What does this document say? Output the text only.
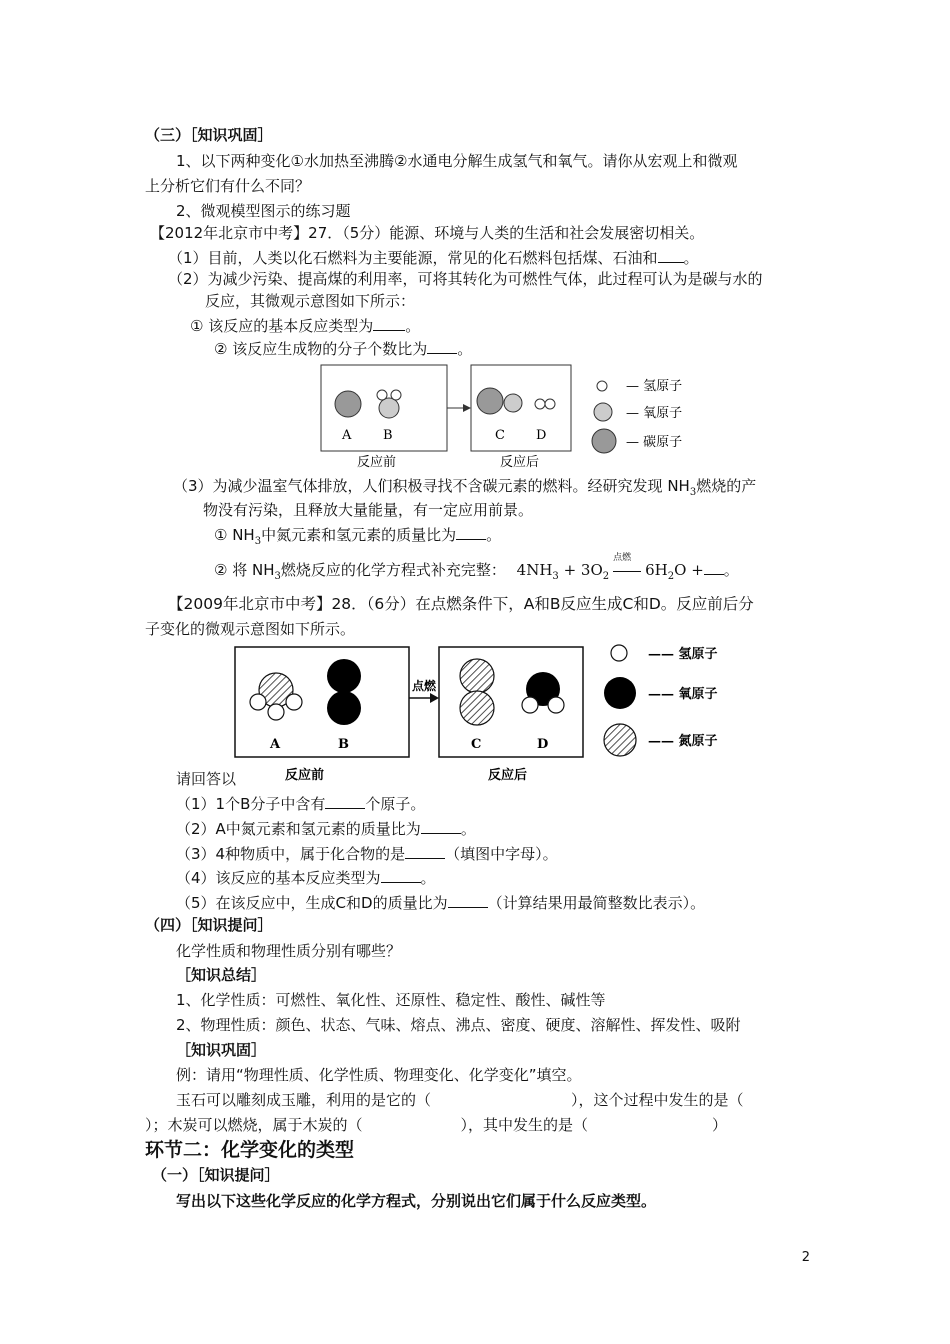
（三）［知识巩固］
1、以下两种变化①水加热至沸腾②水通电分解生成氢气和氧气。请你从宏观上和微观
上分析它们有什么不同？
2、微观模型图示的练习题
【2012年北京市中考】27．（5分）能源、环境与人类的生活和社会发展密切相关。
（1）目前，人类以化石燃料为主要能源，常见的化石燃料包括煤、石油和 。
（2）为减少污染、提高煤的利用率，可将其转化为可燃性气体，此过程可认为是碳与水的
反应，其微观示意图如下所示：
① 该反应的基本反应类型为 。
② 该反应生成物的分子个数比为 。
A B	C D
反应前	反应后
— 氢原子
— 氧原子
— 碳原子
（3）为减少温室气体排放，人们积极寻找不含碳元素的燃料。经研究发现 $NH_3$燃烧的产
物没有污染，且释放大量能量，有一定应用前景。
① $NH_3$中氮元素和氢元素的质量比为 。
② 将 $NH_3$燃烧反应的化学方程式补充完整： $4NH_3 + 3O_2$
点燃
$6H_2O$ + 。
【2009年北京市中考】28．（6分）在点燃条件下，A和B反应生成C和D。反应前后分
子变化的微观示意图如下所示。
点燃
A	B	C	D
反应前	反应后
—— 氢原子
—— 氧原子
—— 氮原子
请回答以
（1）1个B分子中含有	个原子。
（2）A中氮元素和氢元素的质量比为	。
（3）4种物质中，属于化合物的是	（填图中字母）。
（4）该反应的基本反应类型为	。
（5）在该反应中，生成C和D的质量比为	（计算结果用最简整数比表示）。
（四）［知识提问］
化学性质和物理性质分别有哪些？
［知识总结］
1、化学性质：可燃性、氧化性、还原性、稳定性、酸性、碱性等
2、物理性质：颜色、状态、气味、熔点、沸点、密度、硬度、溶解性、挥发性、吸附
［知识巩固］
例：请用“物理性质、化学性质、物理变化、化学变化”填空。
玉石可以雕刻成玉雕，利用的是它的（	），这个过程中发生的是（
）；木炭可以燃烧，属于木炭的（	），其中发生的是（	）
环节二：化学变化的类型
（一）［知识提问］
写出以下这些化学反应的化学方程式，分别说出它们属于什么反应类型。
2
